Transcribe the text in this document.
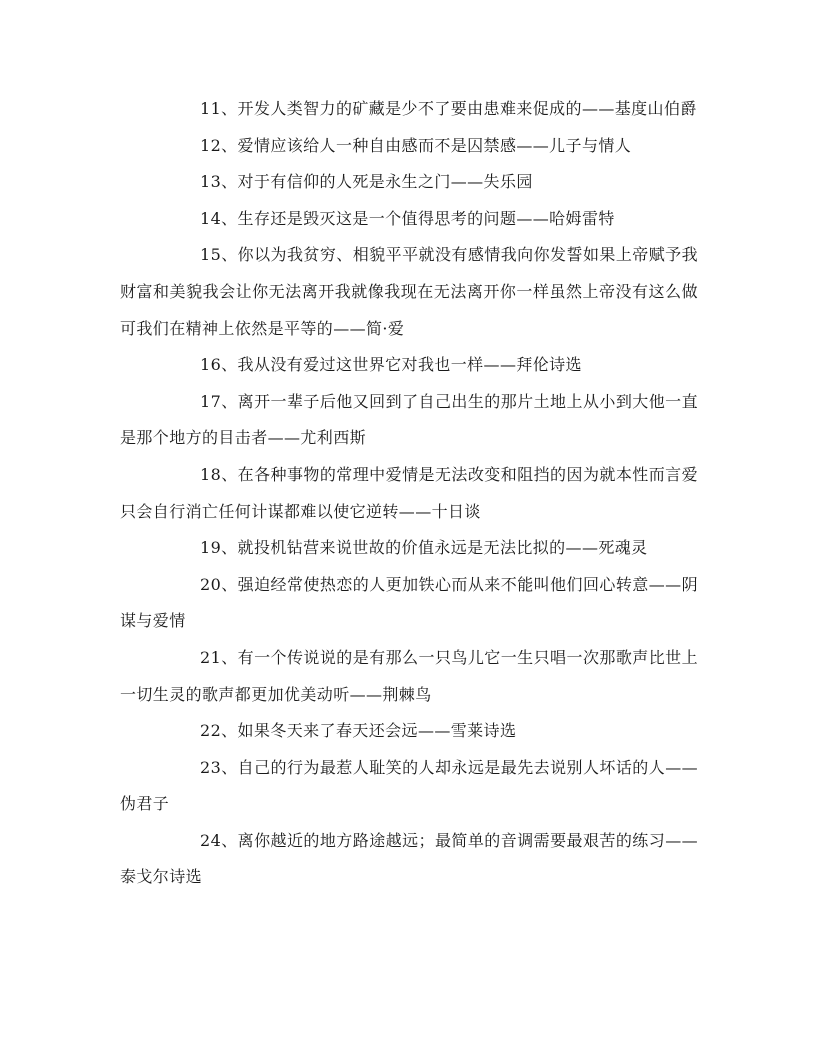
11、开发人类智力的矿藏是少不了要由患难来促成的——基度山伯爵

12、爱情应该给人一种自由感而不是囚禁感——儿子与情人

13、对于有信仰的人死是永生之门——失乐园

14、生存还是毁灭这是一个值得思考的问题——哈姆雷特

15、你以为我贫穷、相貌平平就没有感情我向你发誓如果上帝赋予我财富和美貌我会让你无法离开我就像我现在无法离开你一样虽然上帝没有这么做可我们在精神上依然是平等的——简·爱

16、我从没有爱过这世界它对我也一样——拜伦诗选

17、离开一辈子后他又回到了自己出生的那片土地上从小到大他一直是那个地方的目击者——尤利西斯

18、在各种事物的常理中爱情是无法改变和阻挡的因为就本性而言爱只会自行消亡任何计谋都难以使它逆转——十日谈

19、就投机钻营来说世故的价值永远是无法比拟的——死魂灵

20、强迫经常使热恋的人更加铁心而从来不能叫他们回心转意——阴谋与爱情

21、有一个传说说的是有那么一只鸟儿它一生只唱一次那歌声比世上一切生灵的歌声都更加优美动听——荆棘鸟

22、如果冬天来了春天还会远——雪莱诗选

23、自己的行为最惹人耻笑的人却永远是最先去说别人坏话的人——伪君子

24、离你越近的地方路途越远；最简单的音调需要最艰苦的练习——泰戈尔诗选
